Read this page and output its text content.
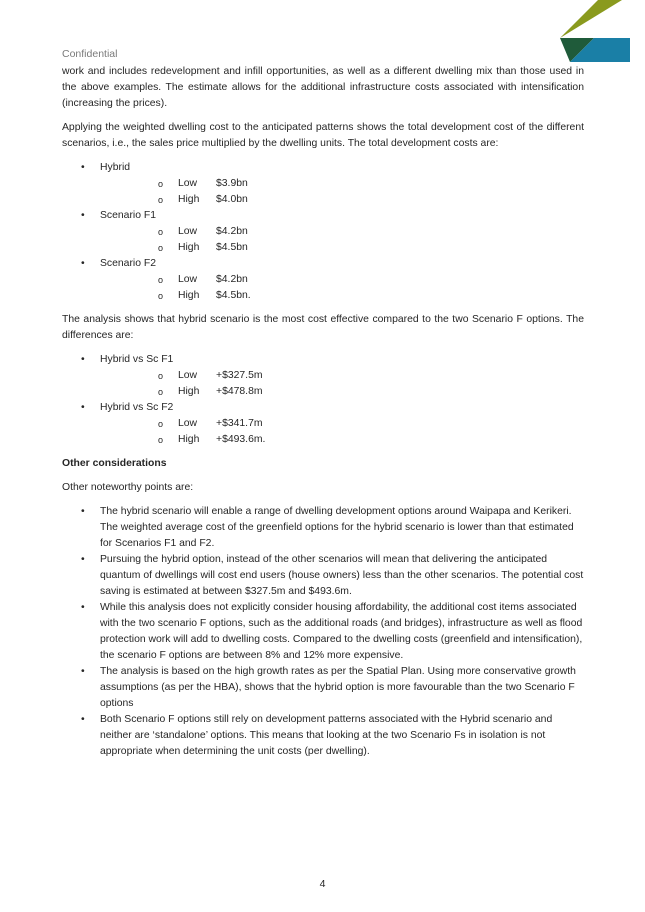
Confidential

work and includes redevelopment and infill opportunities, as well as a different dwelling mix than those used in the above examples. The estimate allows for the additional infrastructure costs associated with intensification (increasing the prices).

Applying the weighted dwelling cost to the anticipated patterns shows the total development cost of the different scenarios, i.e., the sales price multiplied by the dwelling units. The total development costs are:

• Hybrid
o Low $3.9bn
o High $4.0bn
• Scenario F1
o Low $4.2bn
o High $4.5bn
• Scenario F2
o Low $4.2bn
o High $4.5bn.

The analysis shows that hybrid scenario is the most cost effective compared to the two Scenario F options. The differences are:

• Hybrid vs Sc F1
o Low +$327.5m
o High +$478.8m
• Hybrid vs Sc F2
o Low +$341.7m
o High +$493.6m.
Other considerations

Other noteworthy points are:

• The hybrid scenario will enable a range of dwelling development options around Waipapa and Kerikeri. The weighted average cost of the greenfield options for the hybrid scenario is lower than that estimated for Scenarios F1 and F2.
• Pursuing the hybrid option, instead of the other scenarios will mean that delivering the anticipated quantum of dwellings will cost end users (house owners) less than the other scenarios. The potential cost saving is estimated at between $327.5m and $493.6m.
• While this analysis does not explicitly consider housing affordability, the additional cost items associated with the two scenario F options, such as the additional roads (and bridges), infrastructure as well as flood protection work will add to dwelling costs. Compared to the dwelling costs (greenfield and intensification), the scenario F options are between 8% and 12% more expensive.
• The analysis is based on the high growth rates as per the Spatial Plan. Using more conservative growth assumptions (as per the HBA), shows that the hybrid option is more favourable than the two Scenario F options
• Both Scenario F options still rely on development patterns associated with the Hybrid scenario and neither are ‘standalone’ options. This means that looking at the two Scenario Fs in isolation is not appropriate when determining the unit costs (per dwelling).
4
